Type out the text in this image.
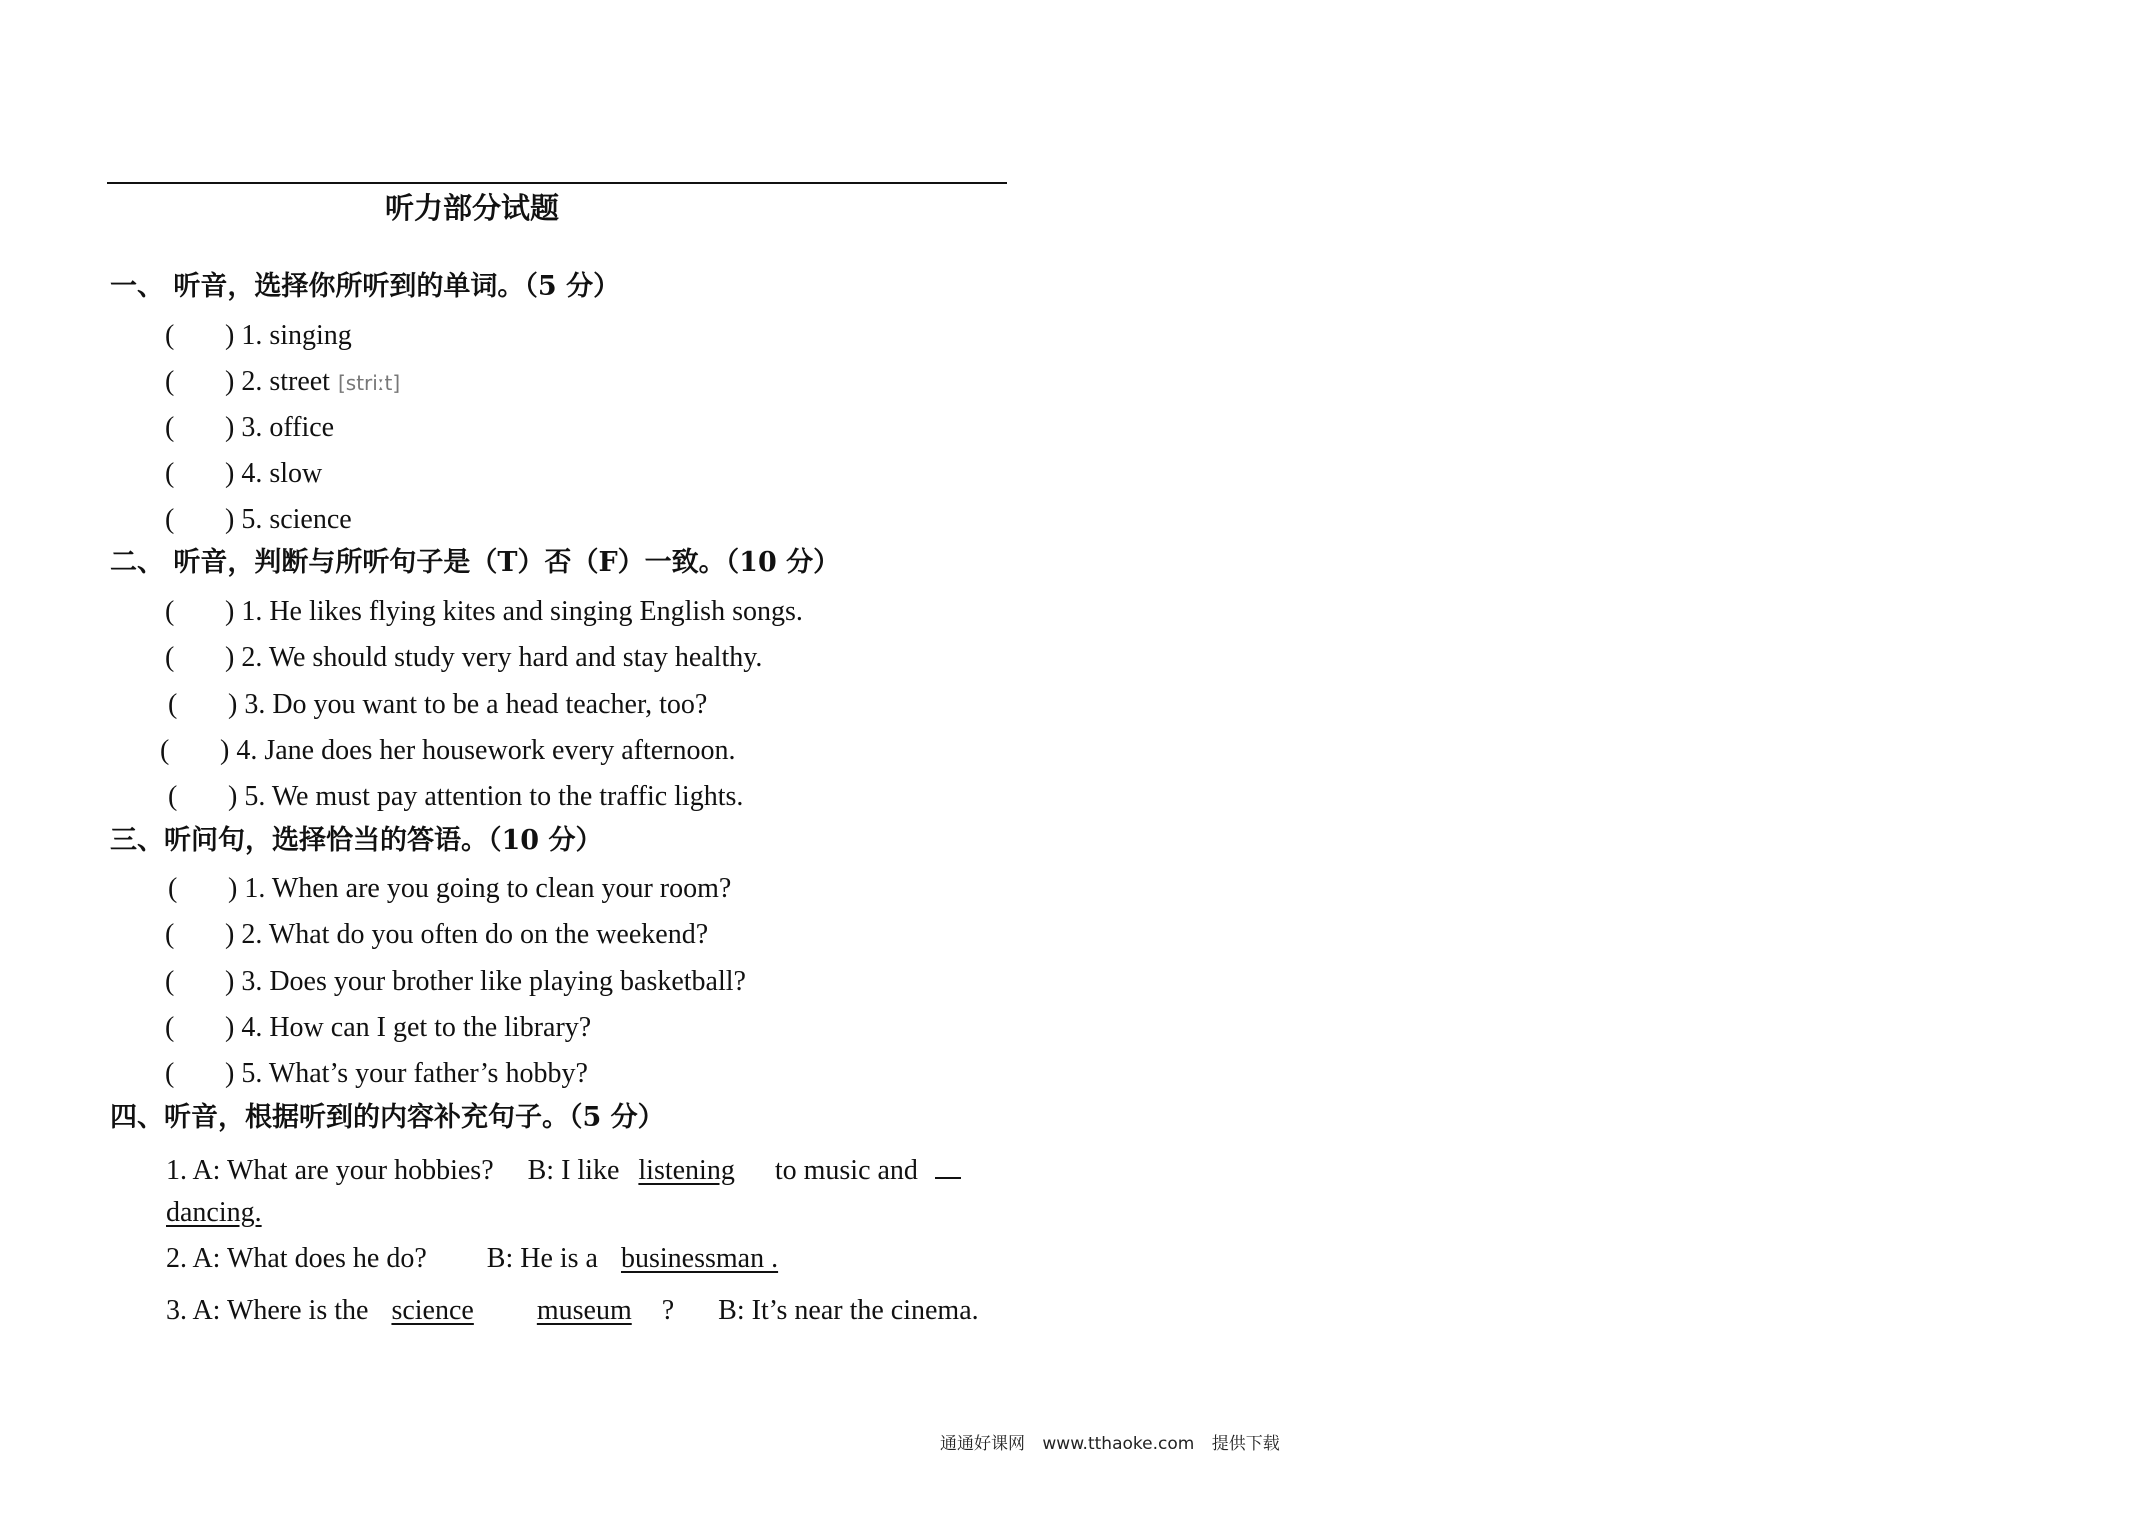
听力部分试题
一、 听音，选择你所听到的单词。（5 分）
( ) 1. singing
( ) 2. street [striːt]
( ) 3. office
( ) 4. slow
( ) 5. science
二、 听音，判断与所听句子是（T）否（F）一致。（10 分）
( ) 1. He likes flying kites and singing English songs.
( ) 2. We should study very hard and stay healthy.
( ) 3. Do you want to be a head teacher, too?
( ) 4. Jane does her housework every afternoon.
( ) 5. We must pay attention to the traffic lights.
三、听问句，选择恰当的答语。（10 分）
( ) 1. When are you going to clean your room?
( ) 2. What do you often do on the weekend?
( ) 3. Does your brother like playing basketball?
( ) 4. How can I get to the library?
( ) 5. What’s your father’s hobby?
四、听音，根据听到的内容补充句子。（5 分）
1. A: What are your hobbies? B: I like listening to music and
dancing.
2. A: What does he do? B: He is a businessman .
3. A: Where is the science museum ? B: It’s near the cinema.
通通好课网 www.tthaoke.com 提供下载
